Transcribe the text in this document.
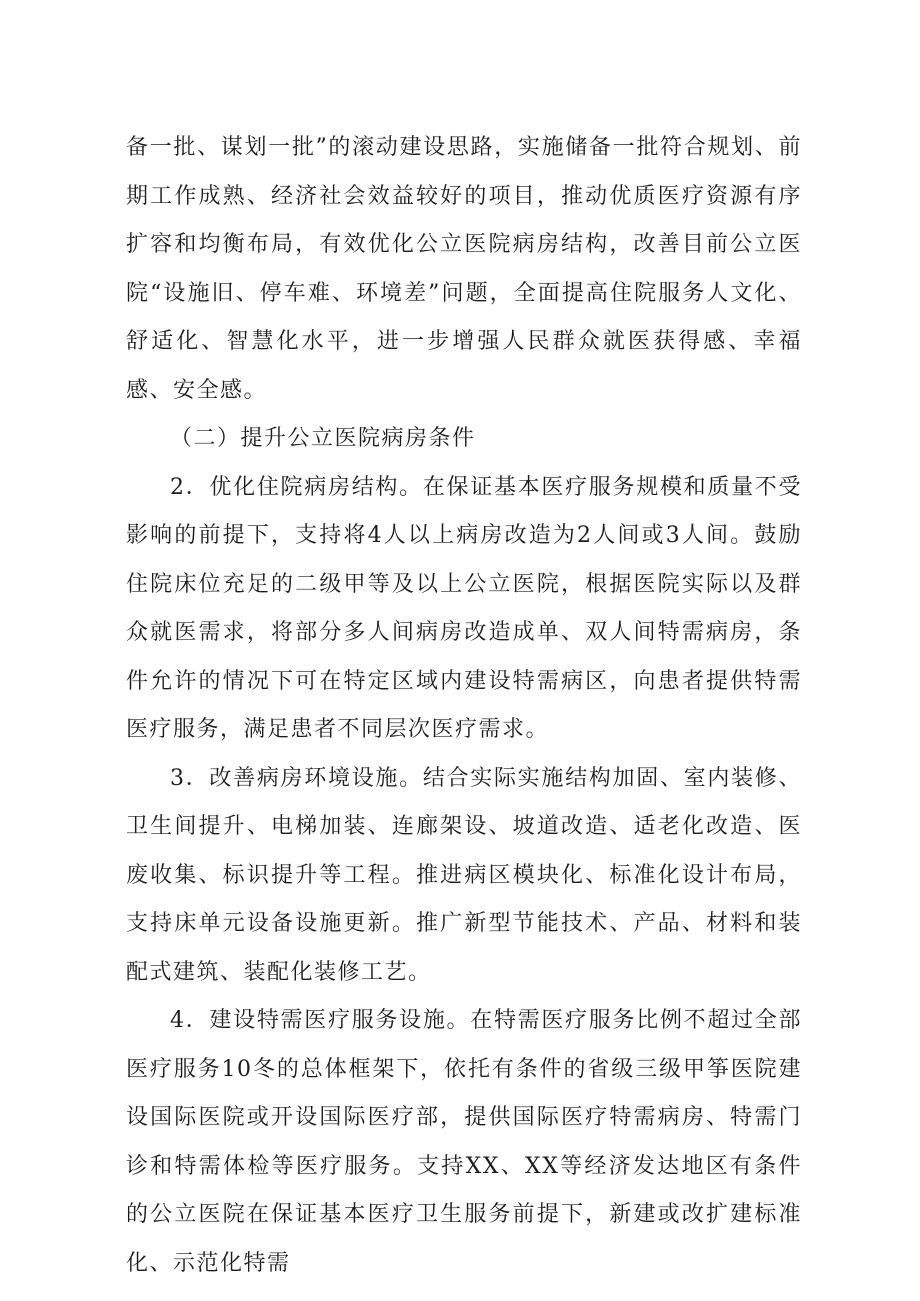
备一批、谋划一批”的滚动建设思路，实施储备一批符合规划、前期工作成熟、经济社会效益较好的项目，推动优质医疗资源有序扩容和均衡布局，有效优化公立医院病房结构，改善目前公立医院“设施旧、停车难、环境差”问题，全面提高住院服务人文化、舒适化、智慧化水平，进一步增强人民群众就医获得感、幸福感、安全感。

（二）提升公立医院病房条件

2．优化住院病房结构。在保证基本医疗服务规模和质量不受影响的前提下，支持将4人以上病房改造为2人间或3人间。鼓励住院床位充足的二级甲等及以上公立医院，根据医院实际以及群众就医需求，将部分多人间病房改造成单、双人间特需病房，条件允许的情况下可在特定区域内建设特需病区，向患者提供特需医疗服务，满足患者不同层次医疗需求。

3．改善病房环境设施。结合实际实施结构加固、室内装修、卫生间提升、电梯加装、连廊架设、坡道改造、适老化改造、医废收集、标识提升等工程。推进病区模块化、标准化设计布局，支持床单元设备设施更新。推广新型节能技术、产品、材料和装配式建筑、装配化装修工艺。

4．建设特需医疗服务设施。在特需医疗服务比例不超过全部医疗服务10冬的总体框架下，依托有条件的省级三级甲筝医院建设国际医院或开设国际医疗部，提供国际医疗特需病房、特需门诊和特需体检等医疗服务。支持XX、XX等经济发达地区有条件的公立医院在保证基本医疗卫生服务前提下，新建或改扩建标准化、示范化特需
